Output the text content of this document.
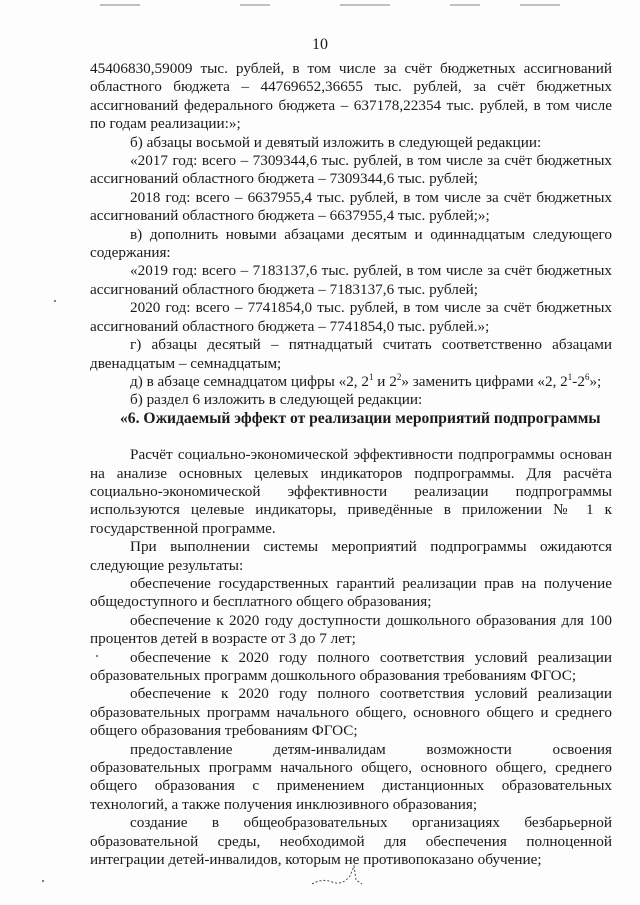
10

45406830,59009 тыс. рублей, в том числе за счёт бюджетных ассигнований областного бюджета – 44769652,36655 тыс. рублей, за счёт бюджетных ассигнований федерального бюджета – 637178,22354 тыс. рублей, в том числе по годам реализации:»;

б) абзацы восьмой и девятый изложить в следующей редакции:

«2017 год: всего – 7309344,6 тыс. рублей, в том числе за счёт бюджетных ассигнований областного бюджета – 7309344,6 тыс. рублей;

2018 год: всего – 6637955,4 тыс. рублей, в том числе за счёт бюджетных ассигнований областного бюджета – 6637955,4 тыс. рублей;»;

в) дополнить новыми абзацами десятым и одиннадцатым следующего содержания:

«2019 год: всего – 7183137,6 тыс. рублей, в том числе за счёт бюджетных ассигнований областного бюджета – 7183137,6 тыс. рублей;

2020 год: всего – 7741854,0 тыс. рублей, в том числе за счёт бюджетных ассигнований областного бюджета – 7741854,0 тыс. рублей.»;

г) абзацы десятый – пятнадцатый считать соответственно абзацами двенадцатым – семнадцатым;

д) в абзаце семнадцатом цифры «2, $2^1$ и $2^2$» заменить цифрами «2, $2^1-2^6$»;

б) раздел 6 изложить в следующей редакции:

«6. Ожидаемый эффект от реализации мероприятий подпрограммы

Расчёт социально-экономической эффективности подпрограммы основан на анализе основных целевых индикаторов подпрограммы. Для расчёта социально-экономической эффективности реализации подпрограммы используются целевые индикаторы, приведённые в приложении № 1 к государственной программе.

При выполнении системы мероприятий подпрограммы ожидаются следующие результаты:

обеспечение государственных гарантий реализации прав на получение общедоступного и бесплатного общего образования;

обеспечение к 2020 году доступности дошкольного образования для 100 процентов детей в возрасте от 3 до 7 лет;

обеспечение к 2020 году полного соответствия условий реализации образовательных программ дошкольного образования требованиям ФГОС;

обеспечение к 2020 году полного соответствия условий реализации образовательных программ начального общего, основного общего и среднего общего образования требованиям ФГОС;

предоставление детям-инвалидам возможности освоения образовательных программ начального общего, основного общего, среднего общего образования с применением дистанционных образовательных технологий, а также получения инклюзивного образования;

создание в общеобразовательных организациях безбарьерной образовательной среды, необходимой для обеспечения полноценной интеграции детей-инвалидов, которым не противопоказано обучение;
